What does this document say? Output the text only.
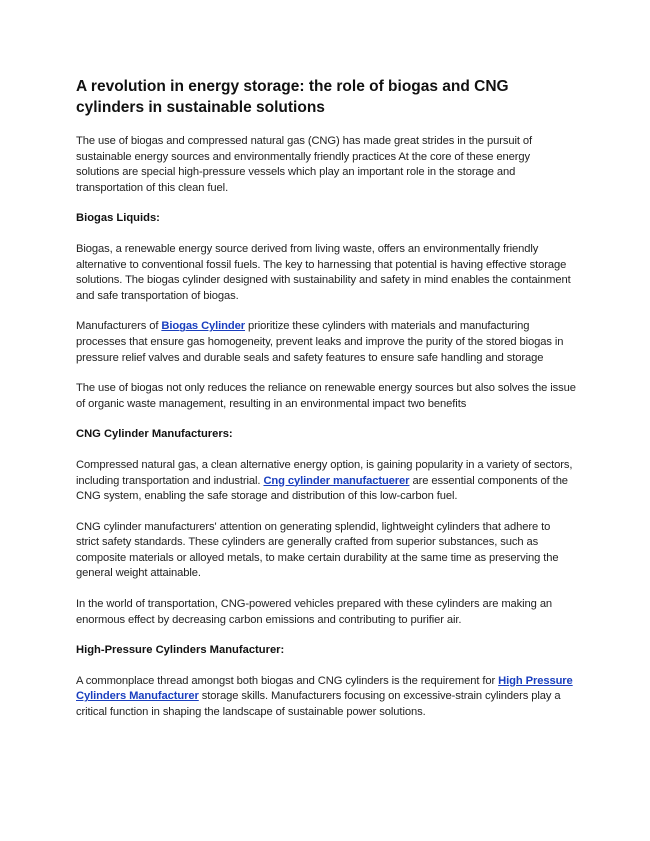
A revolution in energy storage: the role of biogas and CNG cylinders in sustainable solutions

The use of biogas and compressed natural gas (CNG) has made great strides in the pursuit of sustainable energy sources and environmentally friendly practices At the core of these energy solutions are special high-pressure vessels which play an important role in the storage and transportation of this clean fuel.

Biogas Liquids:

Biogas, a renewable energy source derived from living waste, offers an environmentally friendly alternative to conventional fossil fuels. The key to harnessing that potential is having effective storage solutions. The biogas cylinder designed with sustainability and safety in mind enables the containment and safe transportation of biogas.

Manufacturers of Biogas Cylinder prioritize these cylinders with materials and manufacturing processes that ensure gas homogeneity, prevent leaks and improve the purity of the stored biogas in pressure relief valves and durable seals and safety features to ensure safe handling and storage

The use of biogas not only reduces the reliance on renewable energy sources but also solves the issue of organic waste management, resulting in an environmental impact two benefits

CNG Cylinder Manufacturers:

Compressed natural gas, a clean alternative energy option, is gaining popularity in a variety of sectors, including transportation and industrial. Cng cylinder manufactuerer are essential components of the CNG system, enabling the safe storage and distribution of this low-carbon fuel.

CNG cylinder manufacturers' attention on generating splendid, lightweight cylinders that adhere to strict safety standards. These cylinders are generally crafted from superior substances, such as composite materials or alloyed metals, to make certain durability at the same time as preserving the general weight attainable.

In the world of transportation, CNG-powered vehicles prepared with these cylinders are making an enormous effect by decreasing carbon emissions and contributing to purifier air.

High-Pressure Cylinders Manufacturer:

A commonplace thread amongst both biogas and CNG cylinders is the requirement for High Pressure Cylinders Manufacturer storage skills. Manufacturers focusing on excessive-strain cylinders play a critical function in shaping the landscape of sustainable power solutions.
